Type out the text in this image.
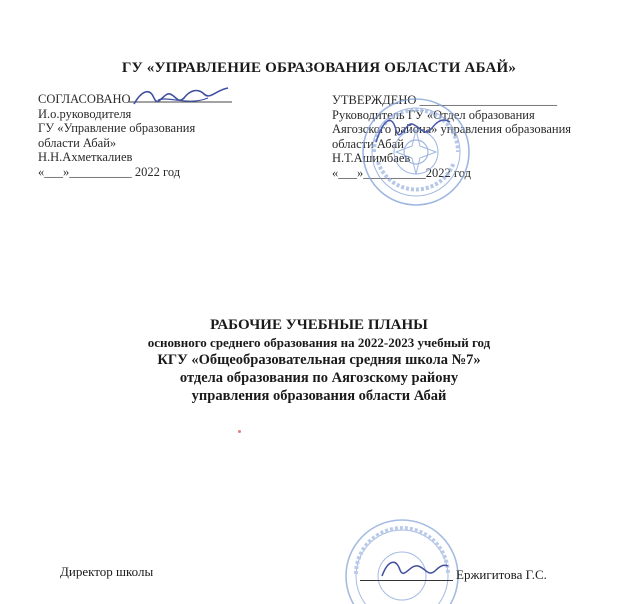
ГУ «УПРАВЛЕНИЕ ОБРАЗОВАНИЯ ОБЛАСТИ АБАЙ»
СОГЛАСОВАНО
И.о.руководителя
ГУ «Управление образования
области Абай»
Н.Н.Ахметкалиев
«___»__________ 2022 год
УТВЕРЖДЕНО ______________________
Руководитель ГУ «Отдел образования
Аягозского района» управления образования
области Абай
Н.Т.Ашимбаев
«___»__________2022 год
РАБОЧИЕ УЧЕБНЫЕ ПЛАНЫ
основного среднего образования на 2022-2023 учебный год
КГУ «Общеобразовательная средняя школа №7»
отдела образования по Аягозскому району
управления образования области Абай
Директор школы	Ержигитова Г.С.
